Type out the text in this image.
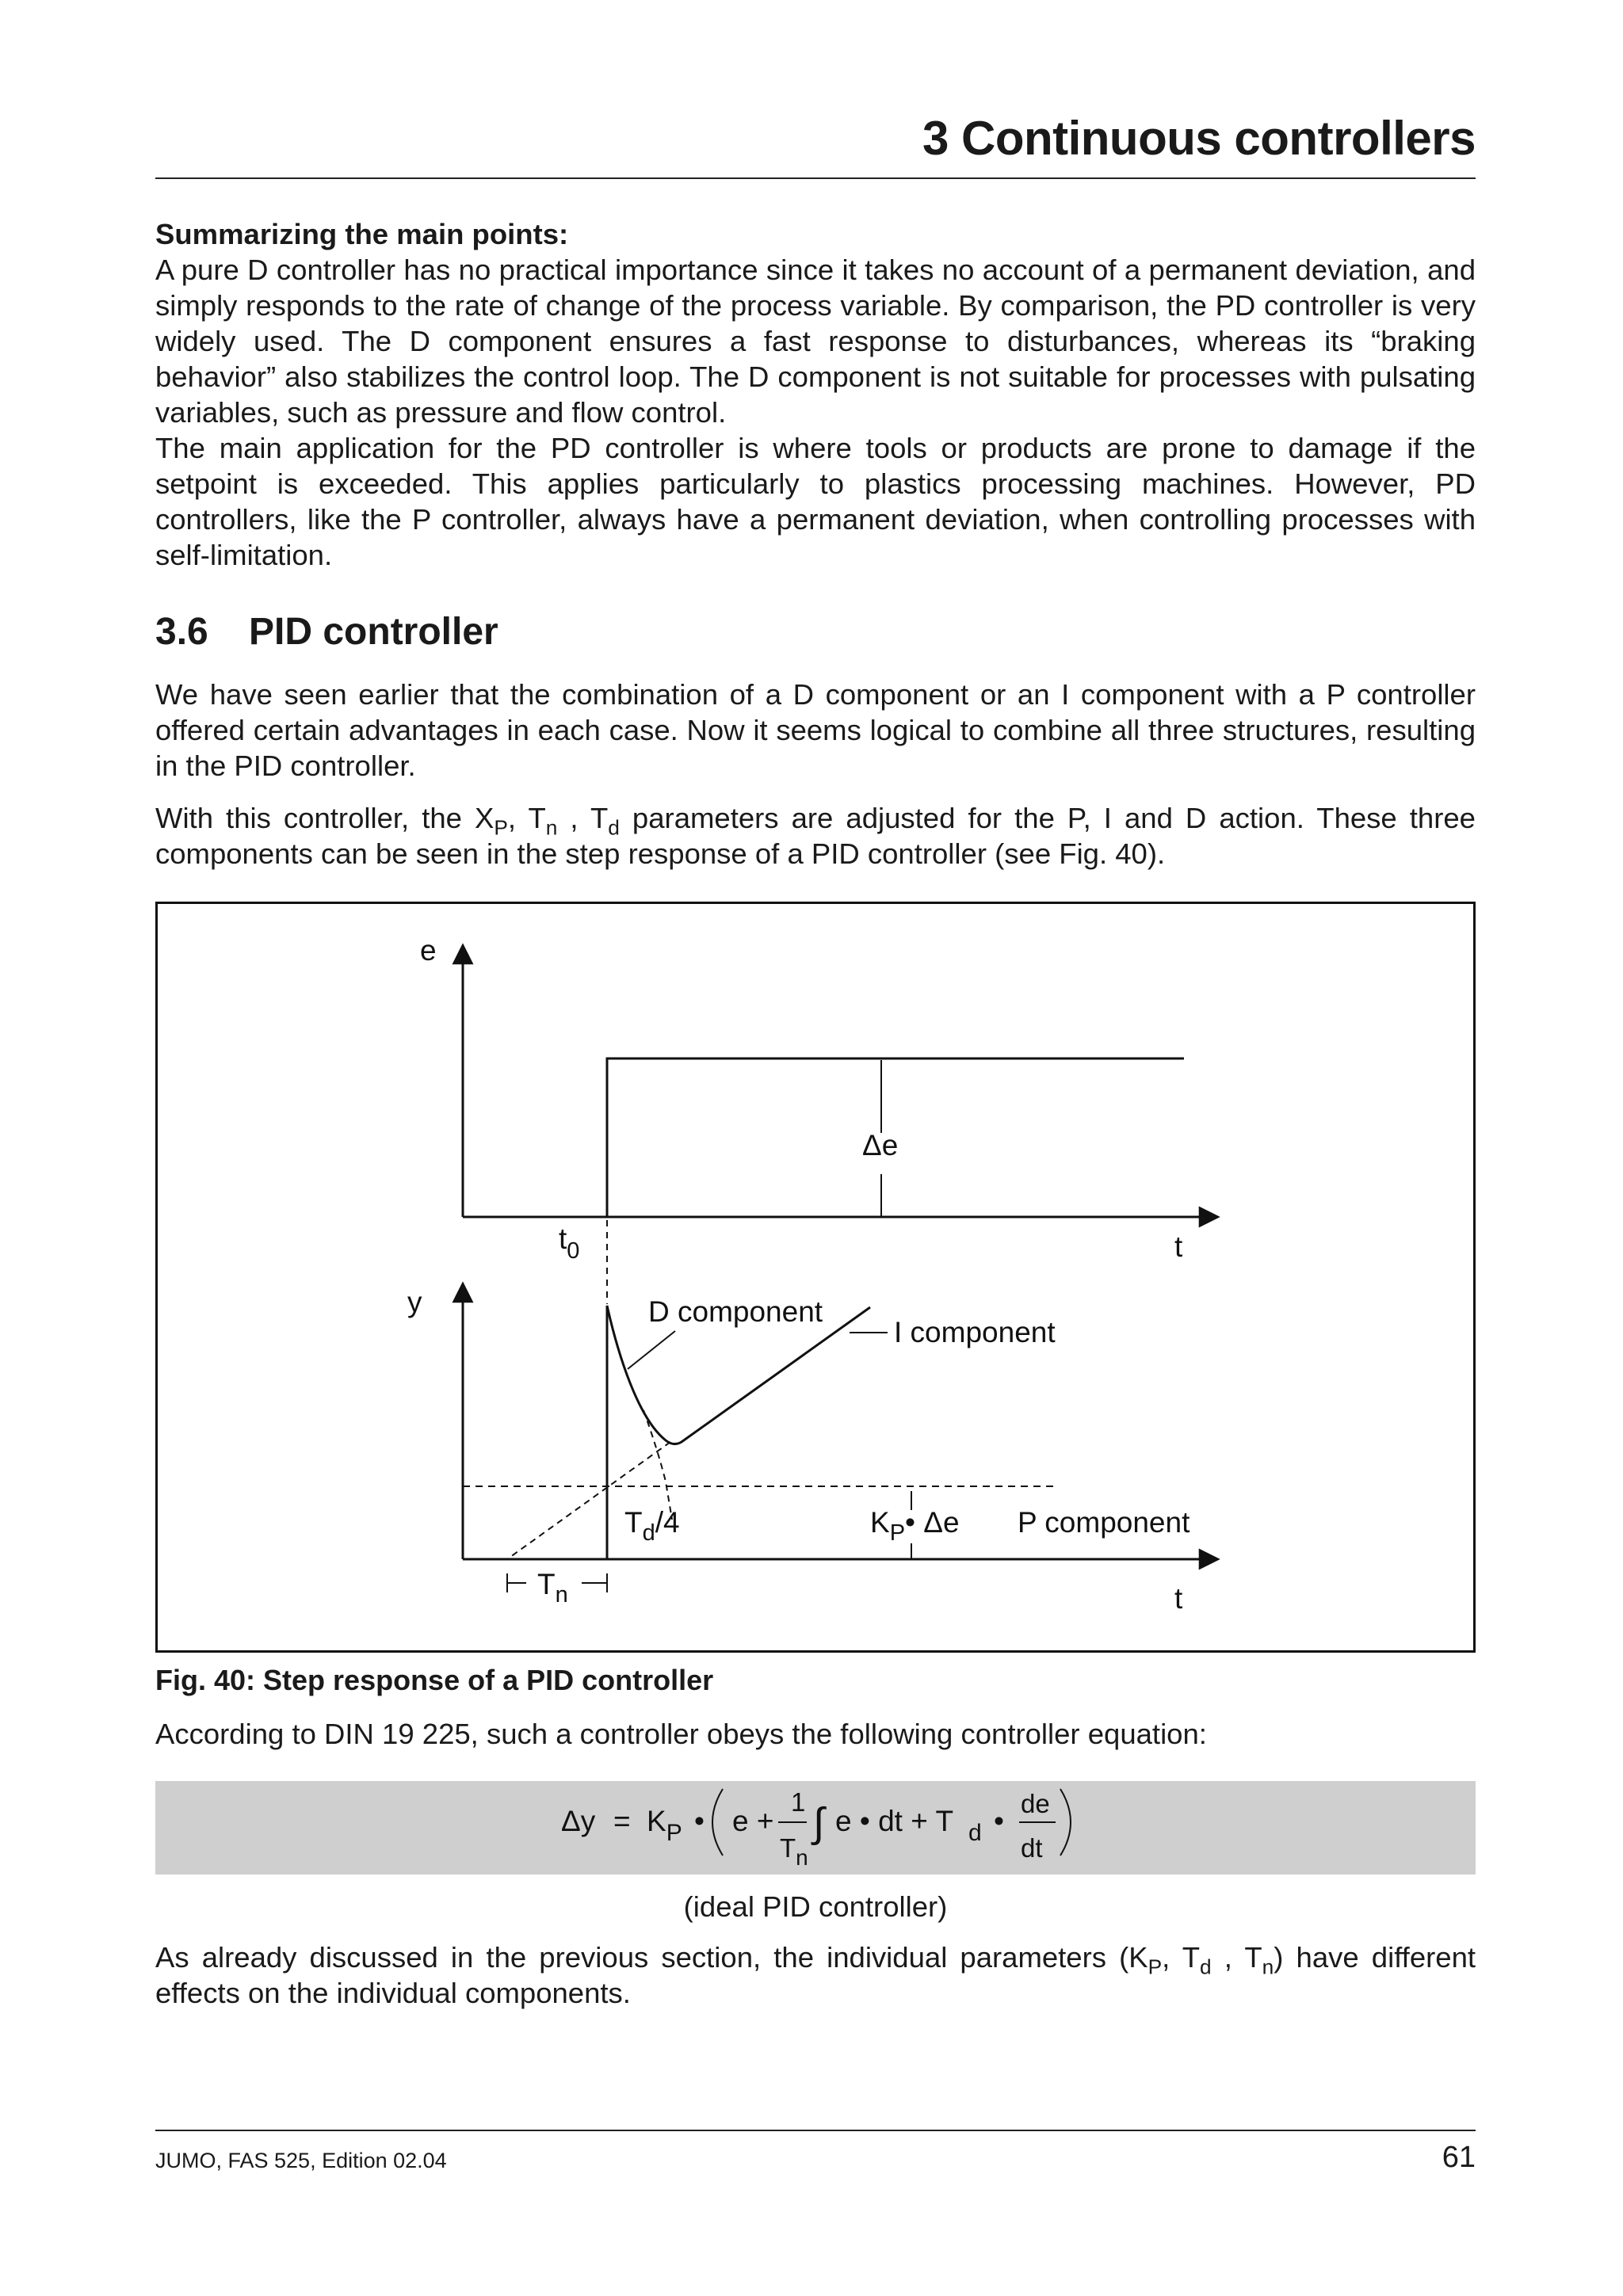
3 Continuous controllers

Summarizing the main points:

A pure D controller has no practical importance since it takes no account of a permanent deviation, and simply responds to the rate of change of the process variable. By comparison, the PD controller is very widely used. The D component ensures a fast response to disturbances, whereas its “braking behavior” also stabilizes the control loop. The D component is not suitable for processes with pulsating variables, such as pressure and flow control.

The main application for the PD controller is where tools or products are prone to damage if the setpoint is exceeded. This applies particularly to plastics processing machines. However, PD controllers, like the P controller, always have a permanent deviation, when controlling processes with self-limitation.

3.6 PID controller
We have seen earlier that the combination of a D component or an I component with a P controller offered certain advantages in each case. Now it seems logical to combine all three structures, resulting in the PID controller.
With this controller, the $X_P$, $T_n$ , $T_d$ parameters are adjusted for the P, I and D action. These three components can be seen in the step response of a PID controller (see Fig. 40).
e
t
Δe
$t_0$
y
t
D component
I component
$T_d/4$	$K_P•$ Δe P component
$T_n$
Fig. 40: Step response of a PID controller
According to DIN 19 225, such a controller obeys the following controller equation:
$\Delta y = K_P$ • e +
1
$T_n$
∫ e • dt + T d •
de
dt
(ideal PID controller)
As already discussed in the previous section, the individual parameters ($K_P$, $T_d$ , $T_n$) have different effects on the individual components.
JUMO, FAS 525, Edition 02.04	61
